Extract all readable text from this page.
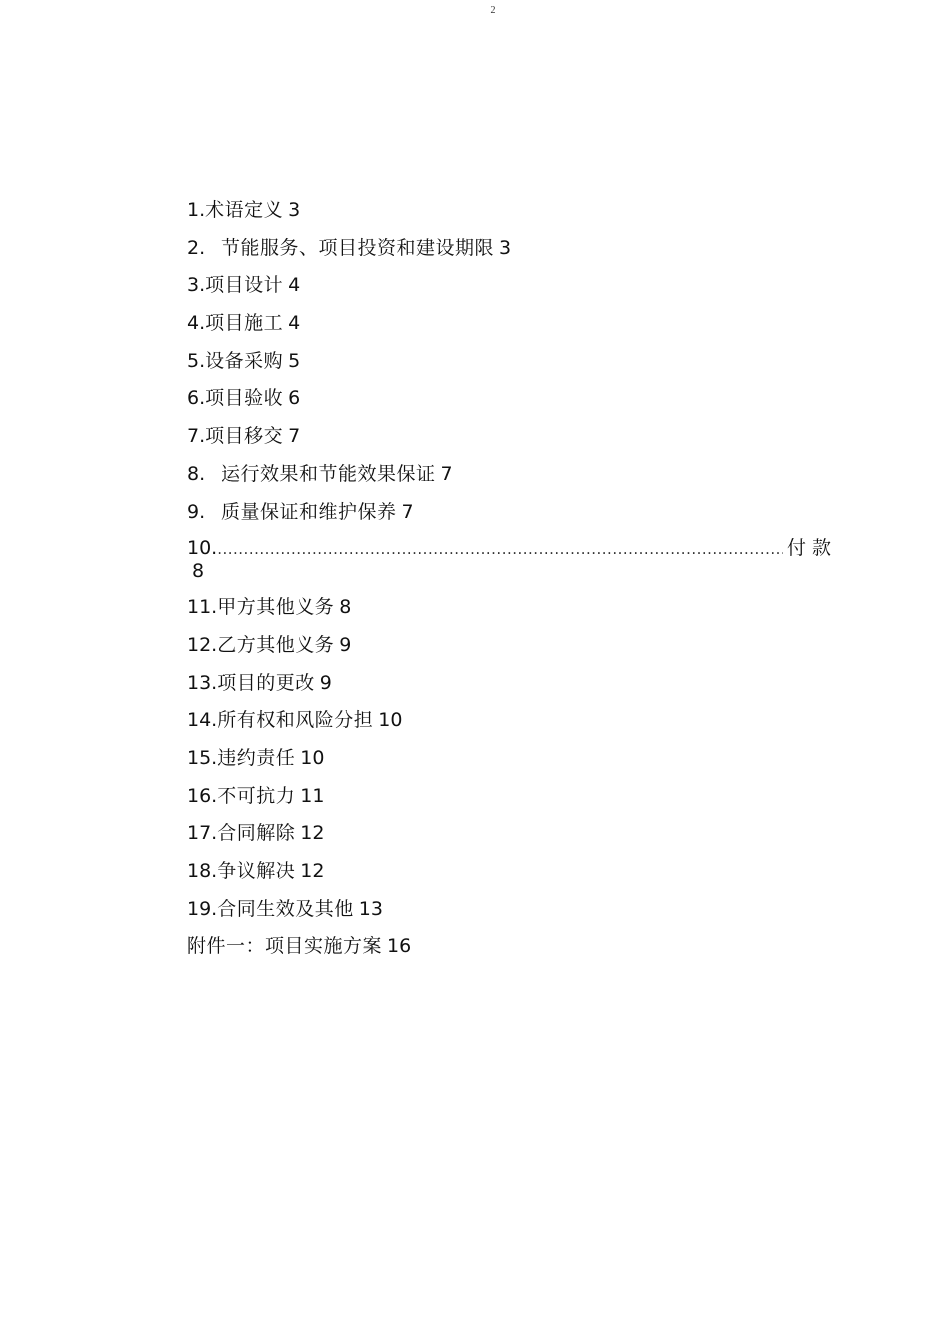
2
1. 术语定义 3
2. 节能服务、项目投资和建设期限 3
3. 项目设计 4
4. 项目施工 4
5. 设备采购 5
6. 项目验收 6
7. 项目移交 7
8. 运行效果和节能效果保证 7
9. 质量保证和维护保养 7
10.
.....	付款
8
11. 甲方其他义务 8
12. 乙方其他义务 9
13. 项目的更改 9
14. 所有权和风险分担 10
15. 违约责任 10
16. 不可抗力 11
17. 合同解除 12
18. 争议解决 12
19. 合同生效及其他 13
附件一：项目实施方案 16
